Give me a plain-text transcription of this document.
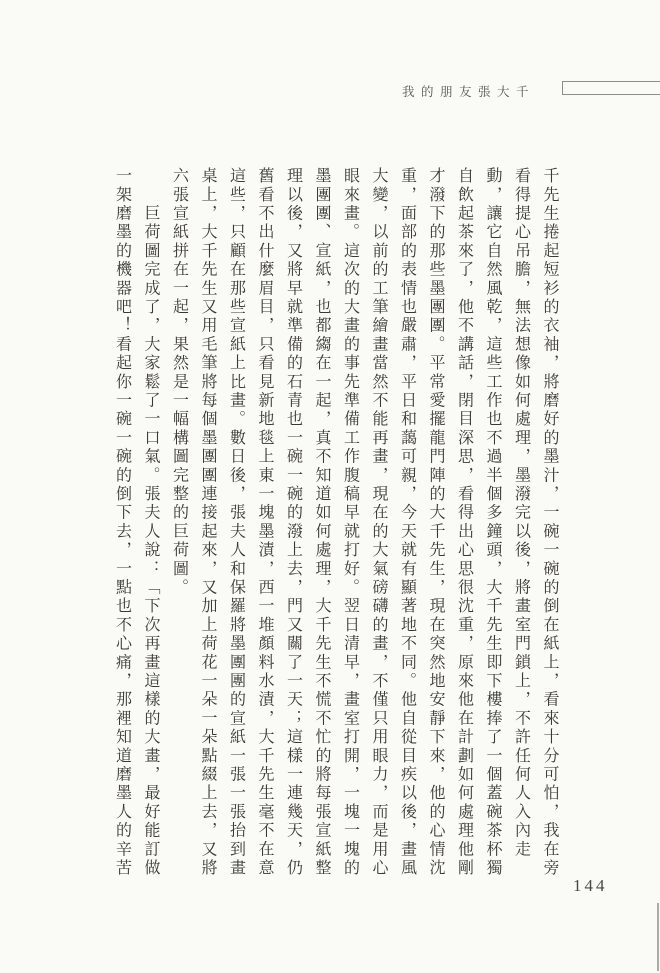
我的朋友張大千

千先生捲起短衫的衣袖，將磨好的墨汁，一碗一碗的倒在紙上，看來十分可怕，我在旁看得提心吊膽，無法想像如何處理，墨潑完以後，將畫室門鎖上，不許任何人入內走動，讓它自然風乾，這些工作也不過半個多鐘頭，大千先生即下樓捧了一個蓋碗茶杯獨自飲起茶來了，他不講話，閉目深思，看得出心思很沈重，原來他在計劃如何處理他剛才潑下的那些墨團團。平常愛擺龍門陣的大千先生，現在突然地安靜下來，他的心情沈重，面部的表情也嚴肅，平日和藹可親，今天就有顯著地不同。他自從目疾以後，畫風大變，以前的工筆繪畫當然不能再畫，現在的大氣磅礴的畫，不僅只用眼力，而是用心眼來畫。這次的大畫的事先準備工作腹稿早就打好。翌日清早，畫室打開，一塊一塊的墨團團、宣紙，也都縐在一起，真不知道如何處理，大千先生不慌不忙的將每張宣紙整理以後，又將早就準備的石青也一碗一碗的潑上去，門又關了一天；這樣一連幾天，仍舊看不出什麼眉目，只看見新地毯上東一塊墨漬，西一堆顏料水漬，大千先生毫不在意這些，只顧在那些宣紙上比畫。數日後，張夫人和保羅將墨團團的宣紙一張一張抬到畫桌上，大千先生又用毛筆將每個墨團團連接起來，又加上荷花一朵一朵點綴上去，又將六張宣紙拼在一起，果然是一幅構圖完整的巨荷圖。

　　巨荷圖完成了，大家鬆了一口氣。張夫人說：「下次再畫這樣的大畫，最好能訂做一架磨墨的機器吧！看起你一碗一碗的倒下去，一點也不心痛，那裡知道磨墨人的辛苦

144
